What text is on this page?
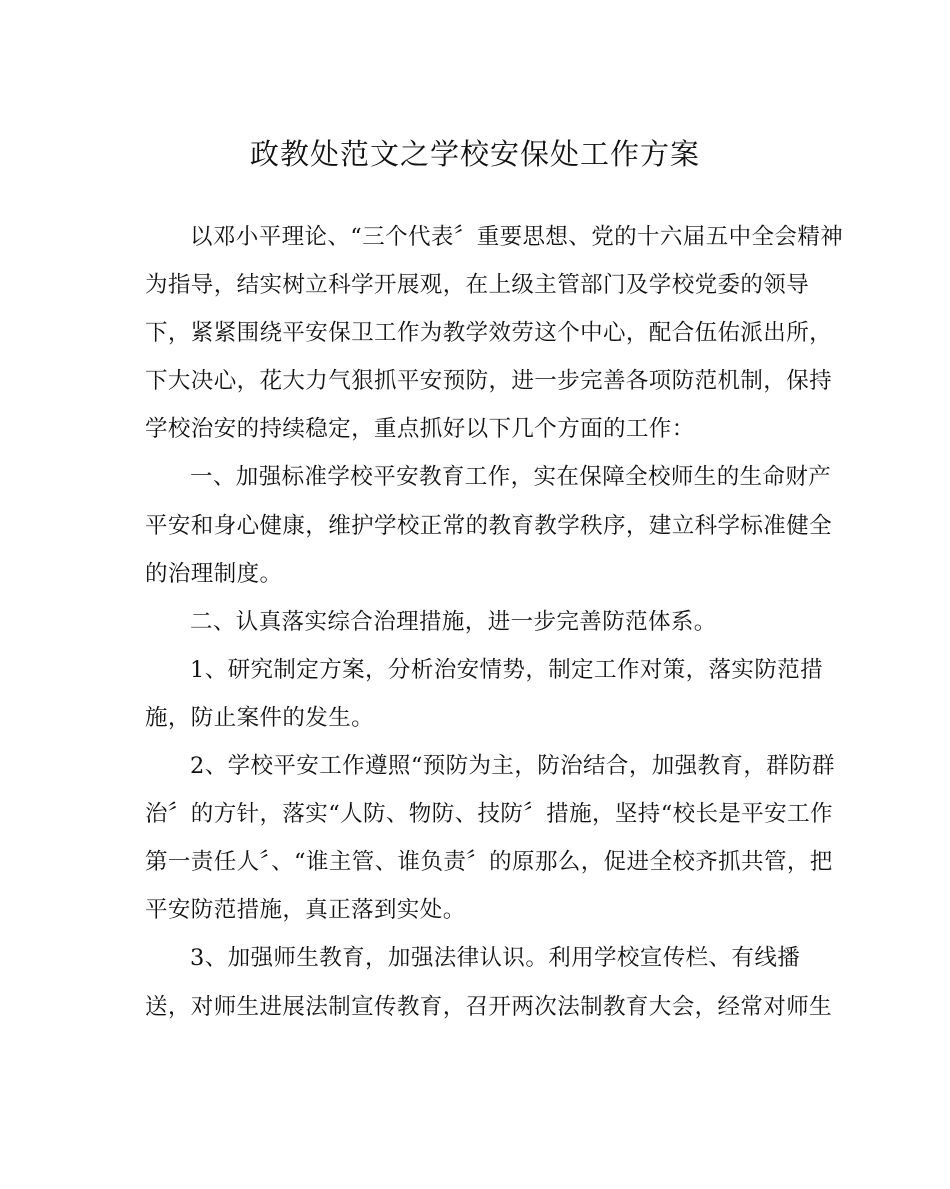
政教处范文之学校安保处工作方案
以邓小平理论、“三个代表〞重要思想、党的十六届五中全会精神
为指导，结实树立科学开展观，在上级主管部门及学校党委的领导
下，紧紧围绕平安保卫工作为教学效劳这个中心，配合伍佑派出所，
下大决心，花大力气狠抓平安预防，进一步完善各项防范机制，保持
学校治安的持续稳定，重点抓好以下几个方面的工作：
一、加强标准学校平安教育工作，实在保障全校师生的生命财产
平安和身心健康，维护学校正常的教育教学秩序，建立科学标准健全
的治理制度。
二、认真落实综合治理措施，进一步完善防范体系。
1、研究制定方案，分析治安情势，制定工作对策，落实防范措
施，防止案件的发生。
2、学校平安工作遵照“预防为主，防治结合，加强教育，群防群
治〞的方针，落实“人防、物防、技防〞措施，坚持“校长是平安工作
第一责任人〞、“谁主管、谁负责〞的原那么，促进全校齐抓共管，把
平安防范措施，真正落到实处。
3、加强师生教育，加强法律认识。利用学校宣传栏、有线播
送，对师生进展法制宣传教育，召开两次法制教育大会，经常对师生
